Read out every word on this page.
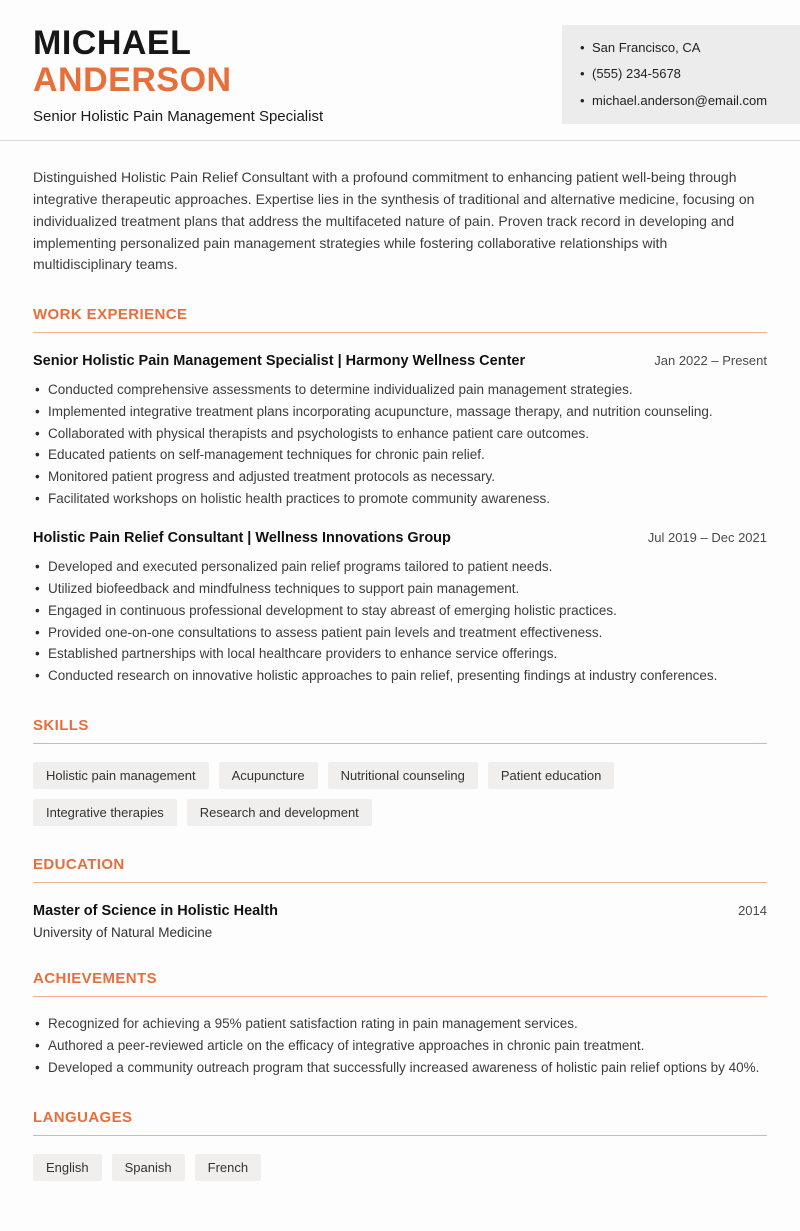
MICHAEL
ANDERSON
Senior Holistic Pain Management Specialist
• San Francisco, CA
• (555) 234-5678
• michael.anderson@email.com

Distinguished Holistic Pain Relief Consultant with a profound commitment to enhancing patient well-being through integrative therapeutic approaches. Expertise lies in the synthesis of traditional and alternative medicine, focusing on individualized treatment plans that address the multifaceted nature of pain. Proven track record in developing and implementing personalized pain management strategies while fostering collaborative relationships with multidisciplinary teams.

WORK EXPERIENCE
Senior Holistic Pain Management Specialist | Harmony Wellness Center	Jan 2022 – Present
• Conducted comprehensive assessments to determine individualized pain management strategies.
• Implemented integrative treatment plans incorporating acupuncture, massage therapy, and nutrition counseling.
• Collaborated with physical therapists and psychologists to enhance patient care outcomes.
• Educated patients on self-management techniques for chronic pain relief.
• Monitored patient progress and adjusted treatment protocols as necessary.
• Facilitated workshops on holistic health practices to promote community awareness.
Holistic Pain Relief Consultant | Wellness Innovations Group	Jul 2019 – Dec 2021
• Developed and executed personalized pain relief programs tailored to patient needs.
• Utilized biofeedback and mindfulness techniques to support pain management.
• Engaged in continuous professional development to stay abreast of emerging holistic practices.
• Provided one-on-one consultations to assess patient pain levels and treatment effectiveness.
• Established partnerships with local healthcare providers to enhance service offerings.
• Conducted research on innovative holistic approaches to pain relief, presenting findings at industry conferences.
SKILLS
Holistic pain management	Acupuncture	Nutritional counseling	Patient education
Integrative therapies	Research and development
EDUCATION
Master of Science in Holistic Health	2014
University of Natural Medicine
ACHIEVEMENTS
• Recognized for achieving a 95% patient satisfaction rating in pain management services.
• Authored a peer-reviewed article on the efficacy of integrative approaches in chronic pain treatment.
• Developed a community outreach program that successfully increased awareness of holistic pain relief options by 40%.
LANGUAGES
English	Spanish	French
